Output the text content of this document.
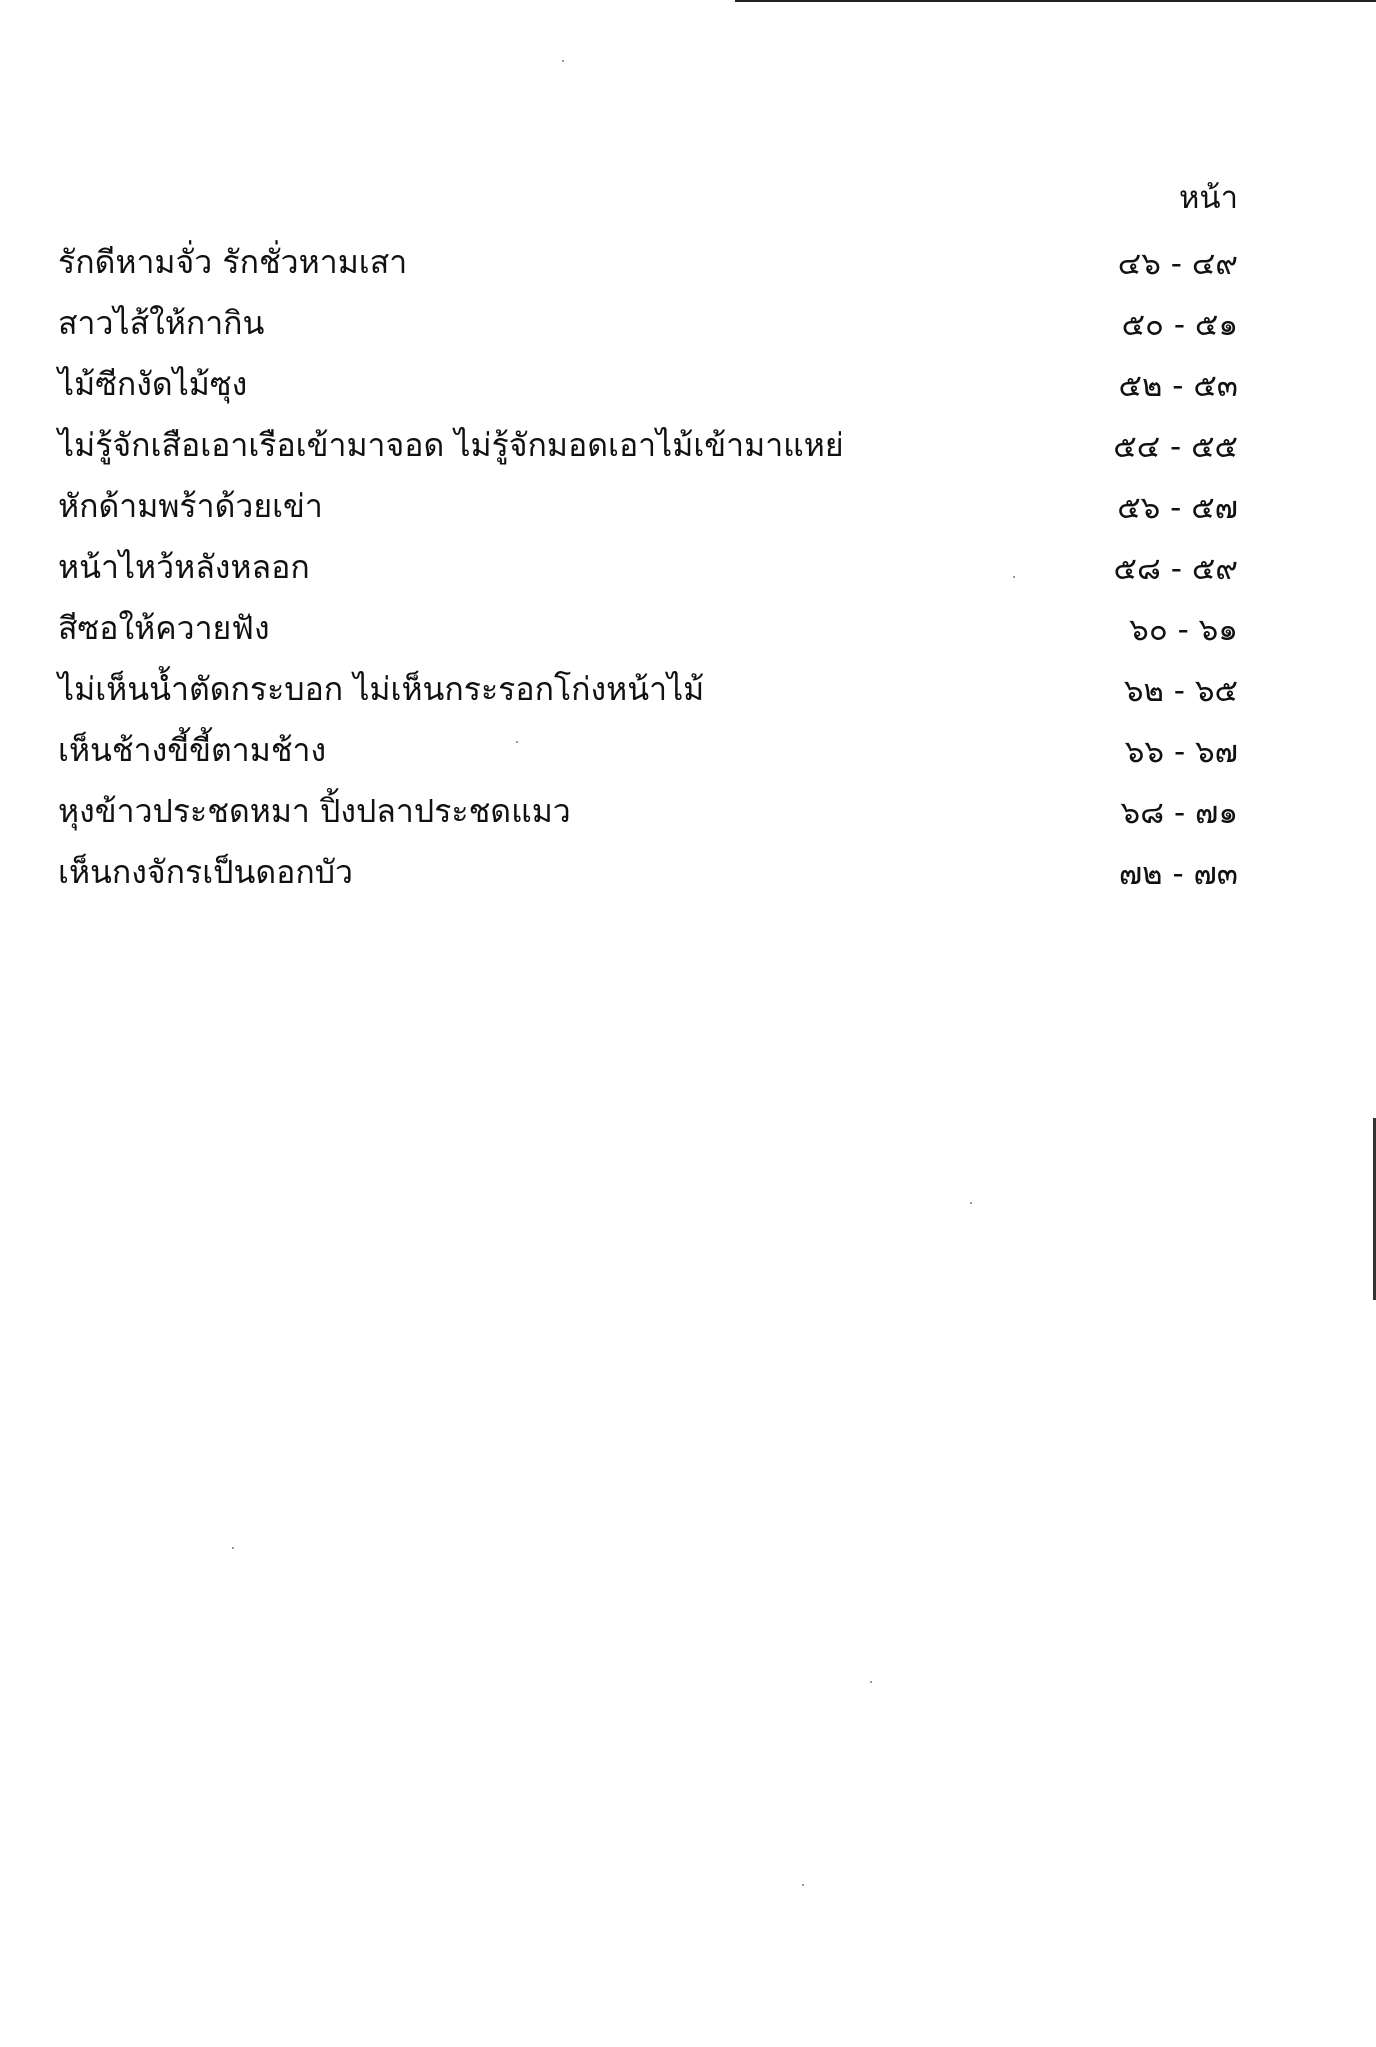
หน้า
รักดีหามจั่ว รักชั่วหามเสา	๔๖ - ๔๙
สาวไส้ให้กากิน	๕๐ - ๕๑
ไม้ซีกงัดไม้ซุง	๕๒ - ๕๓
ไม่รู้จักเสือเอาเรือเข้ามาจอด ไม่รู้จักมอดเอาไม้เข้ามาแหย่	๕๔ - ๕๕
หักด้ามพร้าด้วยเข่า	๕๖ - ๕๗
หน้าไหว้หลังหลอก	๕๘ - ๕๙
สีซอให้ควายฟัง	๖๐ - ๖๑
ไม่เห็นน้ำตัดกระบอก ไม่เห็นกระรอกโก่งหน้าไม้	๖๒ - ๖๕
เห็นช้างขี้ขี้ตามช้าง	๖๖ - ๖๗
หุงข้าวประชดหมา ปิ้งปลาประชดแมว	๖๘ - ๗๑
เห็นกงจักรเป็นดอกบัว	๗๒ - ๗๓
